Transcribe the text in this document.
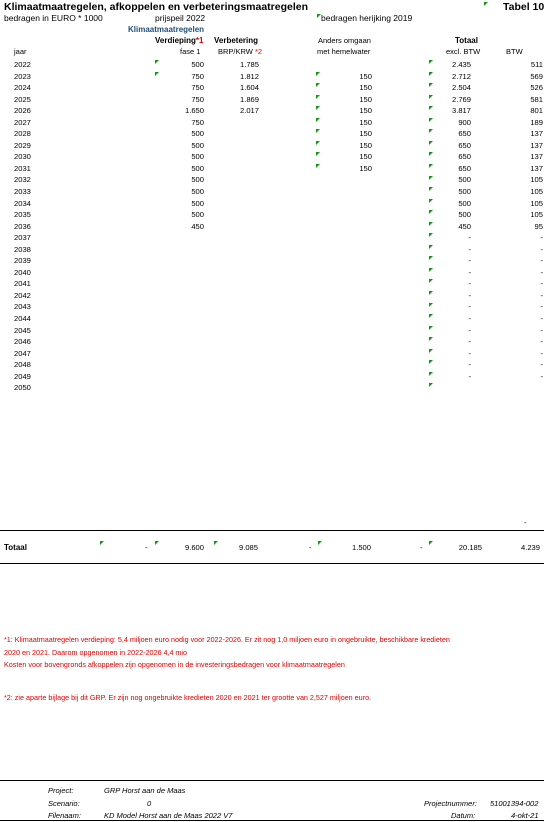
Klimaatmaatregelen, afkoppelen en verbeteringsmaatregelen	Tabel 10
bedragen in EURO * 1000	prijspeil 2022	bedragen herijking 2019
Klimaatmaatregelen
Verdieping*1
fase 1
Verbetering
BRP/KRW *2
Anders omgaan
met hemelwater
Totaal
excl. BTW	BTW
jaar
2022	500	1.785		2.435	511
2023	750	1.812	150	2.712	569
2024	750	1.604	150	2.504	526
2025	750	1.869	150	2.769	581
2026	1.650	2.017	150	3.817	801
2027	750		150	900	189
2028	500		150	650	137
2029	500		150	650	137
2030	500		150	650	137
2031	500		150	650	137
2032	500			500	105
2033	500			500	105
2034	500			500	105
2035	500			500	105
2036	450			450	95
2037				-	-
2038				-	-
2039				-	-
2040				-	-
2041				-	-
2042				-	-
2043				-	-
2044				-	-
2045				-	-
2046				-	-
2047				-	-
2048				-	-
2049				-	-
2050					
-
Totaal	-	9.600	9.085	-	1.500	-	20.185	4.239
*1: Klimaatmaatregelen verdieping: 5,4 miljoen euro nodig voor 2022-2026. Er zit nog 1,0 miljoen euro in ongebruikte, beschikbare kredieten
2020 en 2021. Daarom opgenomen in 2022-2026 4,4 mio
Kosten voor bovengronds afkoppelen zijn opgenomen in de investeringsbedragen voor klimaatmaatregelen
*2: zie aparte bijlage bij dit GRP. Er zijn nog ongebruikte kredieten 2020 en 2021 ter grootte van 2,527 miljoen euro.
Project:	GRP Horst aan de Maas
Scenario:	0
Filenaam:	KD Model Horst aan de Maas 2022 V7
Projectnummer: 51001394-002
Datum:	4-okt-21
